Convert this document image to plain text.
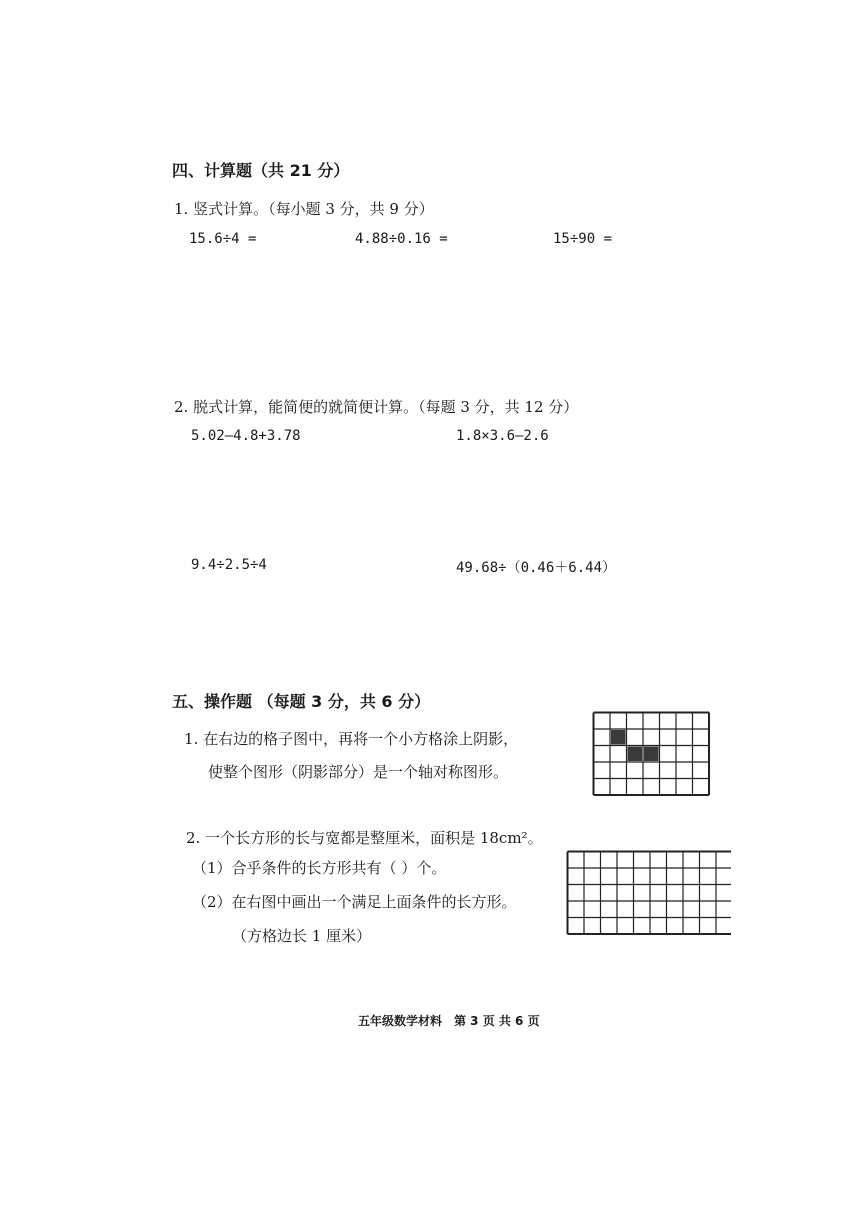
四、计算题（共 21 分）
1. 竖式计算。（每小题 3 分，共 9 分）
15.6÷4 =	4.88÷0.16 =	15÷90 =
2. 脱式计算，能简便的就简便计算。（每题 3 分，共 12 分）
5.02—4.8+3.78	1.8×3.6—2.6
9.4÷2.5÷4	49.68÷（0.46＋6.44）
五、操作题 （每题 3 分，共 6 分）
1. 在右边的格子图中，再将一个小方格涂上阴影，
使整个图形（阴影部分）是一个轴对称图形。
2. 一个长方形的长与宽都是整厘米，面积是 18cm²。
（1）合乎条件的长方形共有（ ）个。
（2）在右图中画出一个满足上面条件的长方形。
（方格边长 1 厘米）
五年级数学材料　第 3 页 共 6 页
